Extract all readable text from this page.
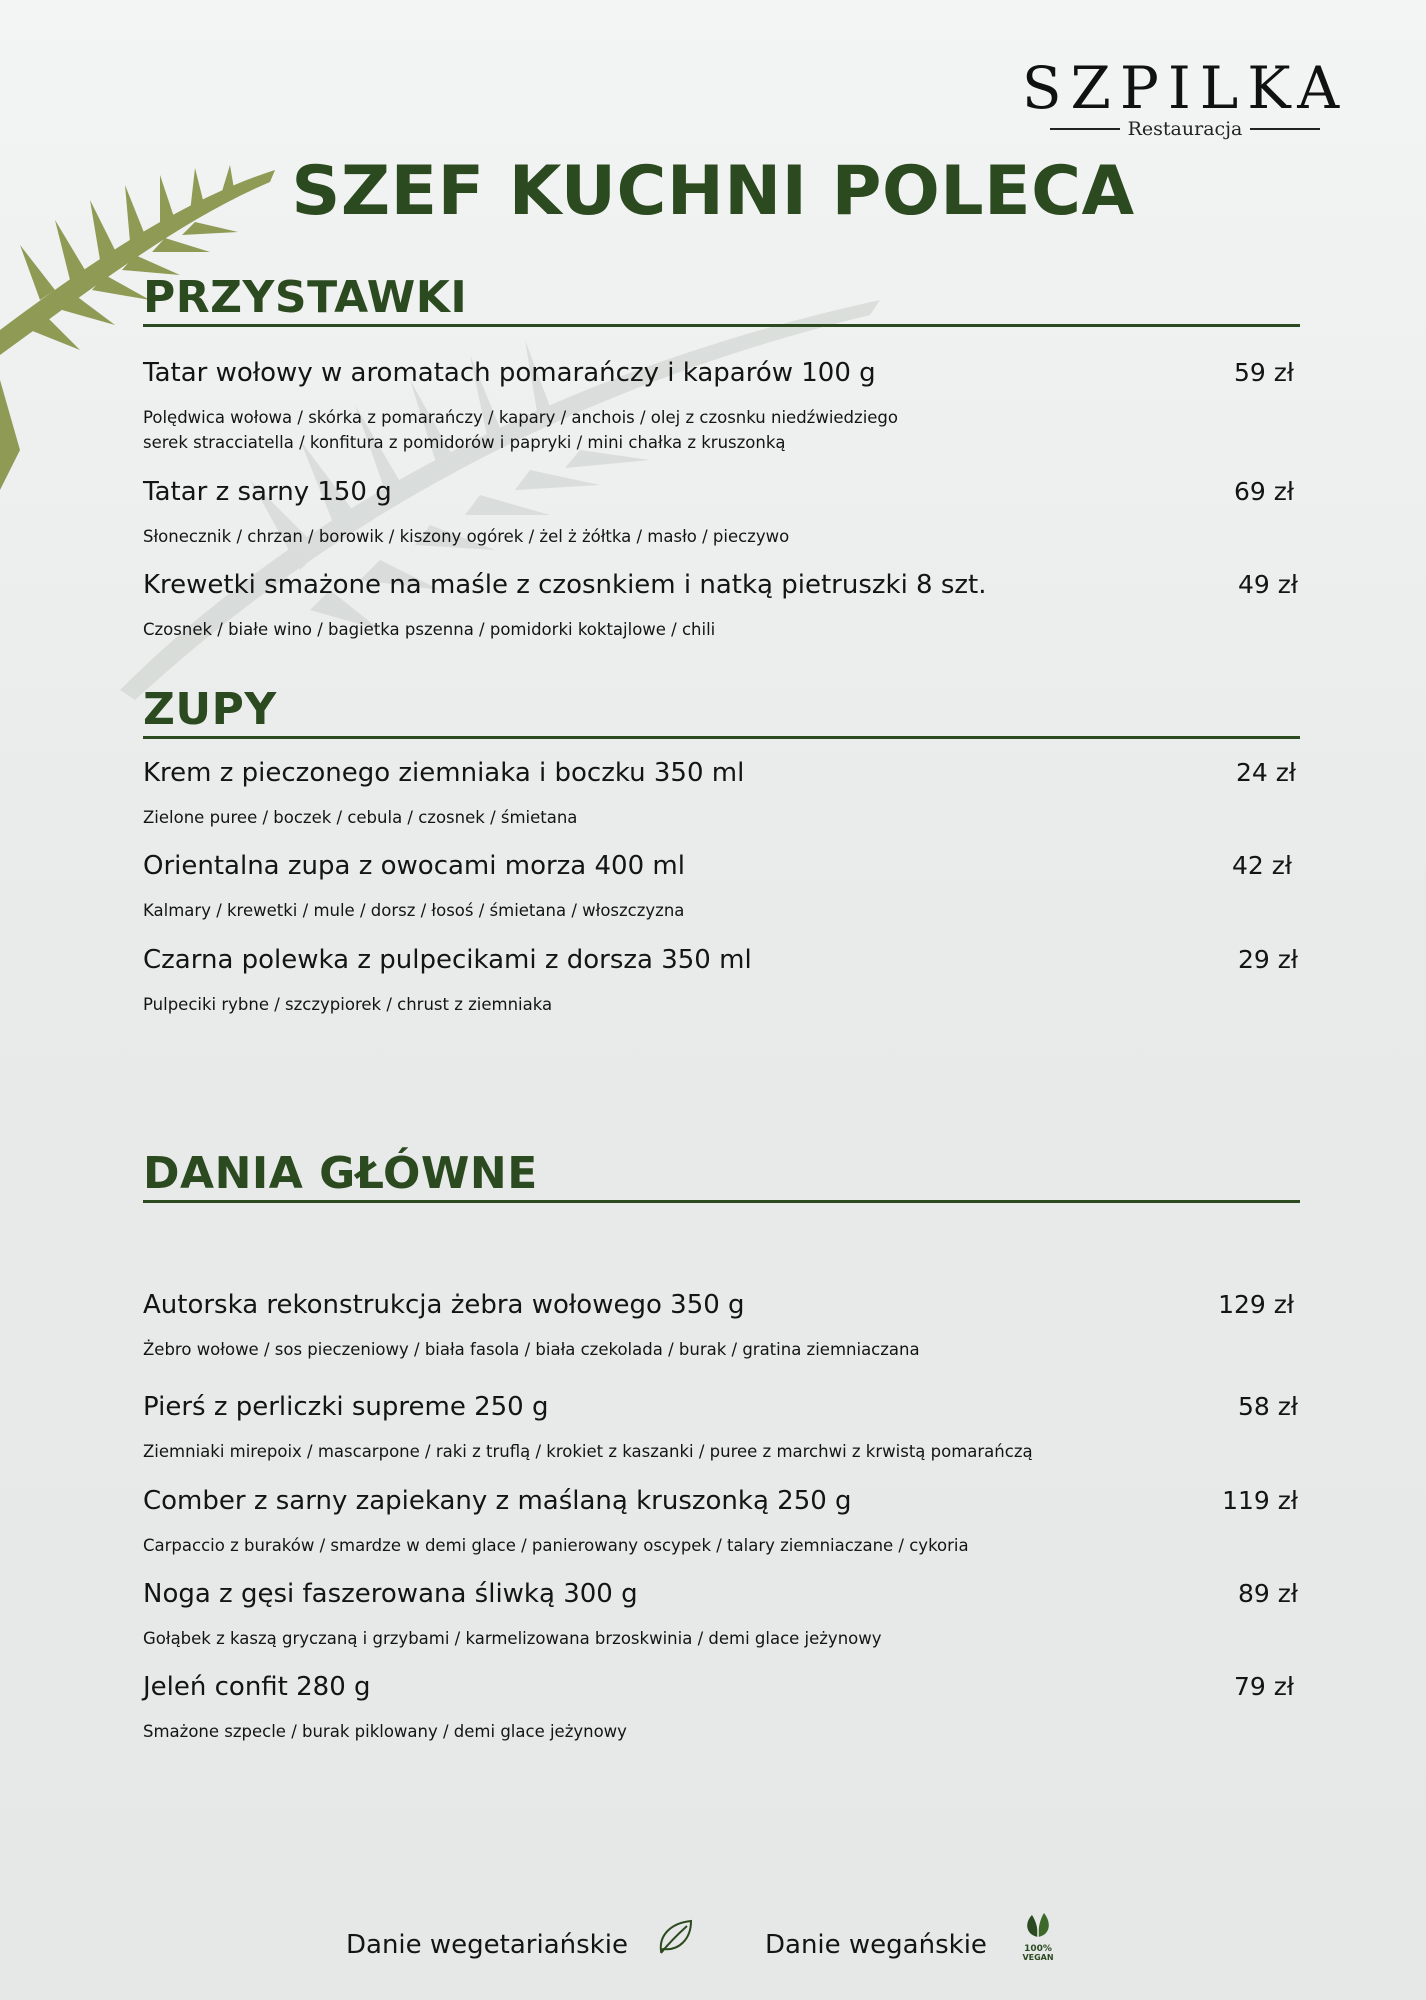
SZPILKA
Restauracja
SZEF KUCHNI POLECA
PRZYSTAWKI
Tatar wołowy w aromatach pomarańczy i kaparów 100 g	59 zł
Polędwica wołowa / skórka z pomarańczy / kapary / anchois / olej z czosnku niedźwiedziego
serek stracciatella / konfitura z pomidorów i papryki / mini chałka z kruszonką
Tatar z sarny 150 g	69 zł
Słonecznik / chrzan / borowik / kiszony ogórek / żel ż żółtka / masło / pieczywo
Krewetki smażone na maśle z czosnkiem i natką pietruszki 8 szt.	49 zł
Czosnek / białe wino / bagietka pszenna / pomidorki koktajlowe / chili
ZUPY
Krem z pieczonego ziemniaka i boczku 350 ml	24 zł
Zielone puree / boczek / cebula / czosnek / śmietana
Orientalna zupa z owocami morza 400 ml	42 zł
Kalmary / krewetki / mule / dorsz / łosoś / śmietana / włoszczyzna
Czarna polewka z pulpecikami z dorsza 350 ml	29 zł
Pulpeciki rybne / szczypiorek / chrust z ziemniaka
DANIA GŁÓWNE
Autorska rekonstrukcja żebra wołowego 350 g	129 zł
Żebro wołowe / sos pieczeniowy / biała fasola / biała czekolada / burak / gratina ziemniaczana
Pierś z perliczki supreme 250 g	58 zł
Ziemniaki mirepoix / mascarpone / raki z truflą / krokiet z kaszanki / puree z marchwi z krwistą pomarańczą
Comber z sarny zapiekany z maślaną kruszonką 250 g	119 zł
Carpaccio z buraków / smardze w demi glace / panierowany oscypek / talary ziemniaczane / cykoria
Noga z gęsi faszerowana śliwką 300 g	89 zł
Gołąbek z kaszą gryczaną i grzybami / karmelizowana brzoskwinia / demi glace jeżynowy
Jeleń confit 280 g	79 zł
Smażone szpecle / burak piklowany / demi glace jeżynowy
Danie wegetariańskie	Danie wegańskie	100%
VEGAN
